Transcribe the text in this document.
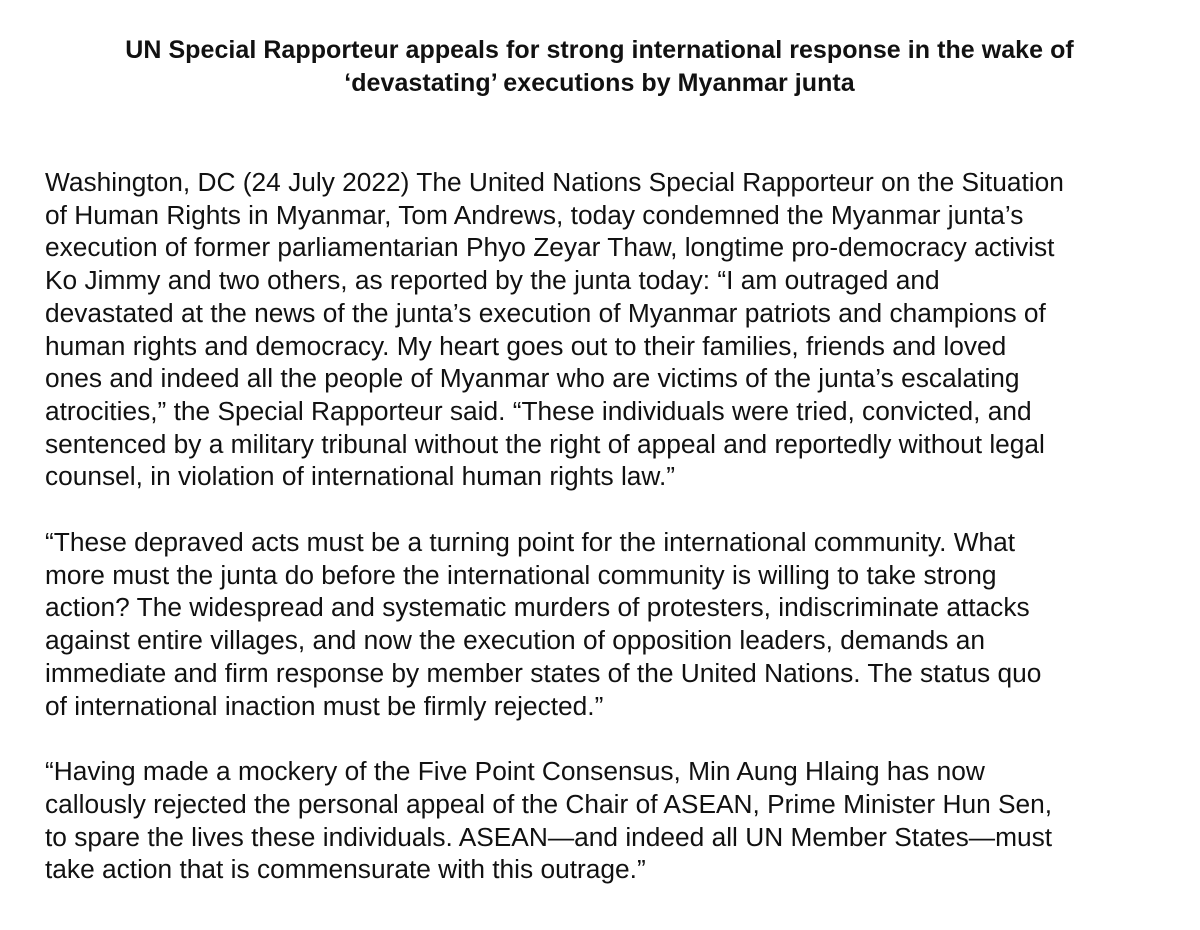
UN Special Rapporteur appeals for strong international response in the wake of
‘devastating’ executions by Myanmar junta

Washington, DC (24 July 2022) The United Nations Special Rapporteur on the Situation
of Human Rights in Myanmar, Tom Andrews, today condemned the Myanmar junta’s
execution of former parliamentarian Phyo Zeyar Thaw, longtime pro-democracy activist
Ko Jimmy and two others, as reported by the junta today: “I am outraged and
devastated at the news of the junta’s execution of Myanmar patriots and champions of
human rights and democracy. My heart goes out to their families, friends and loved
ones and indeed all the people of Myanmar who are victims of the junta’s escalating
atrocities,” the Special Rapporteur said. “These individuals were tried, convicted, and
sentenced by a military tribunal without the right of appeal and reportedly without legal
counsel, in violation of international human rights law.”

“These depraved acts must be a turning point for the international community. What
more must the junta do before the international community is willing to take strong
action? The widespread and systematic murders of protesters, indiscriminate attacks
against entire villages, and now the execution of opposition leaders, demands an
immediate and firm response by member states of the United Nations. The status quo
of international inaction must be firmly rejected.”

“Having made a mockery of the Five Point Consensus, Min Aung Hlaing has now
callously rejected the personal appeal of the Chair of ASEAN, Prime Minister Hun Sen,
to spare the lives these individuals. ASEAN—and indeed all UN Member States—must
take action that is commensurate with this outrage.”
